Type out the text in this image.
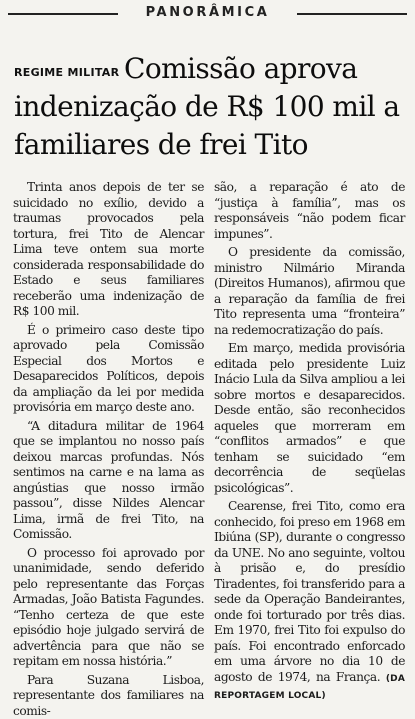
PANORÂMICA
REGIME MILITAR Comissão aprova indenização de R$ 100 mil a familiares de frei Tito

Trinta anos depois de ter se suicidado no exílio, devido a traumas provocados pela tortura, frei Tito de Alencar Lima teve ontem sua morte considerada responsabilidade do Estado e seus familiares receberão uma indenização de R$ 100 mil.

É o primeiro caso deste tipo aprovado pela Comissão Especial dos Mortos e Desaparecidos Políticos, depois da ampliação da lei por medida provisória em março deste ano.

“A ditadura militar de 1964 que se implantou no nosso país deixou marcas profundas. Nós sentimos na carne e na lama as angústias que nosso irmão passou”, disse Nildes Alencar Lima, irmã de frei Tito, na Comissão.

O processo foi aprovado por unanimidade, sendo deferido pelo representante das Forças Armadas, João Batista Fagundes. “Tenho certeza de que este episódio hoje julgado servirá de advertência para que não se repitam em nossa história.”

Para Suzana Lisboa, representante dos familiares na comis-

são, a reparação é ato de “justiça à família”, mas os responsáveis “não podem ficar impunes”.

O presidente da comissão, ministro Nilmário Miranda (Direitos Humanos), afirmou que a reparação da família de frei Tito representa uma “fronteira” na redemocratização do país.

Em março, medida provisória editada pelo presidente Luiz Inácio Lula da Silva ampliou a lei sobre mortos e desaparecidos. Desde então, são reconhecidos aqueles que morreram em “conflitos armados” e que tenham se suicidado “em decorrência de seqüelas psicológicas”.

Cearense, frei Tito, como era conhecido, foi preso em 1968 em Ibiúna (SP), durante o congresso da UNE. No ano seguinte, voltou à prisão e, do presídio Tiradentes, foi transferido para a sede da Operação Bandeirantes, onde foi torturado por três dias. Em 1970, frei Tito foi expulso do país. Foi encontrado enforcado em uma árvore no dia 10 de agosto de 1974, na França. (DA REPORTAGEM LOCAL)
